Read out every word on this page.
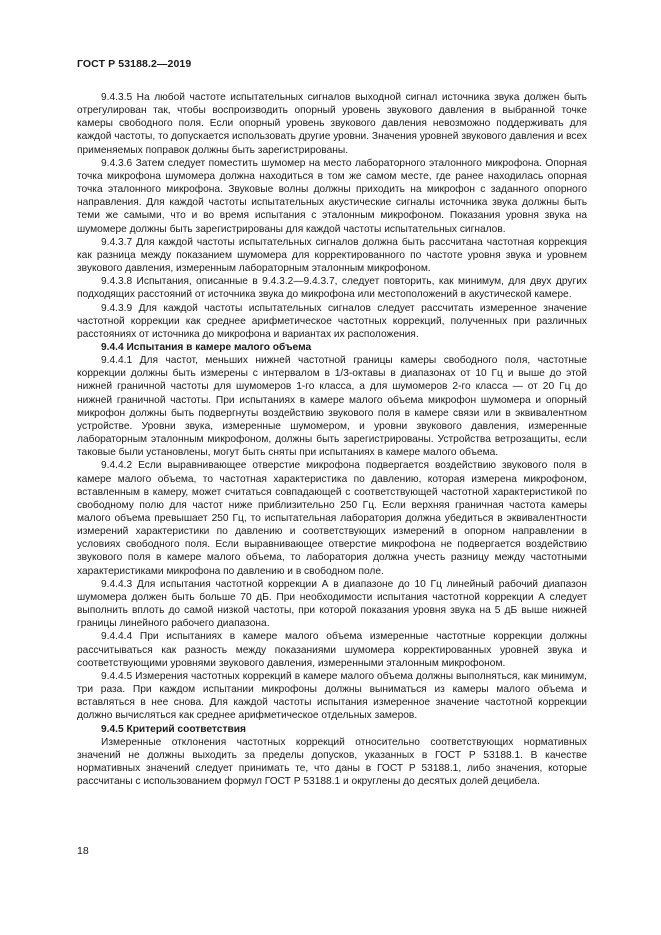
ГОСТ Р 53188.2—2019

9.4.3.5 На любой частоте испытательных сигналов выходной сигнал источника звука должен быть отрегулирован так, чтобы воспроизводить опорный уровень звукового давления в выбранной точке камеры свободного поля. Если опорный уровень звукового давления невозможно поддерживать для каждой частоты, то допускается использовать другие уровни. Значения уровней звукового давления и всех применяемых поправок должны быть зарегистрированы.

9.4.3.6 Затем следует поместить шумомер на место лабораторного эталонного микрофона. Опорная точка микрофона шумомера должна находиться в том же самом месте, где ранее находилась опорная точка эталонного микрофона. Звуковые волны должны приходить на микрофон с заданного опорного направления. Для каждой частоты испытательных акустические сигналы источника звука должны быть теми же самыми, что и во время испытания с эталонным микрофоном. Показания уровня звука на шумомере должны быть зарегистрированы для каждой частоты испытательных сигналов.

9.4.3.7 Для каждой частоты испытательных сигналов должна быть рассчитана частотная коррекция как разница между показанием шумомера для корректированного по частоте уровня звука и уровнем звукового давления, измеренным лабораторным эталонным микрофоном.

9.4.3.8 Испытания, описанные в 9.4.3.2—9.4.3.7, следует повторить, как минимум, для двух других подходящих расстояний от источника звука до микрофона или местоположений в акустической камере.

9.4.3.9 Для каждой частоты испытательных сигналов следует рассчитать измеренное значение частотной коррекции как среднее арифметическое частотных коррекций, полученных при различных расстояниях от источника до микрофона и вариантах их расположения.

9.4.4 Испытания в камере малого объема

9.4.4.1 Для частот, меньших нижней частотной границы камеры свободного поля, частотные коррекции должны быть измерены с интервалом в 1/3-октавы в диапазонах от 10 Гц и выше до этой нижней граничной частоты для шумомеров 1-го класса, а для шумомеров 2-го класса — от 20 Гц до нижней граничной частоты. При испытаниях в камере малого объема микрофон шумомера и опорный микрофон должны быть подвергнуты воздействию звукового поля в камере связи или в эквивалентном устройстве. Уровни звука, измеренные шумомером, и уровни звукового давления, измеренные лабораторным эталонным микрофоном, должны быть зарегистрированы. Устройства ветрозащиты, если таковые были установлены, могут быть сняты при испытаниях в камере малого объема.

9.4.4.2 Если выравнивающее отверстие микрофона подвергается воздействию звукового поля в камере малого объема, то частотная характеристика по давлению, которая измерена микрофоном, вставленным в камеру, может считаться совпадающей с соответствующей частотной характеристикой по свободному полю для частот ниже приблизительно 250 Гц. Если верхняя граничная частота камеры малого объема превышает 250 Гц, то испытательная лаборатория должна убедиться в эквивалентности измерений характеристики по давлению и соответствующих измерений в опорном направлении в условиях свободного поля. Если выравнивающее отверстие микрофона не подвергается воздействию звукового поля в камере малого объема, то лаборатория должна учесть разницу между частотными характеристиками микрофона по давлению и в свободном поле.

9.4.4.3 Для испытания частотной коррекции А в диапазоне до 10 Гц линейный рабочий диапазон шумомера должен быть больше 70 дБ. При необходимости испытания частотной коррекции А следует выполнить вплоть до самой низкой частоты, при которой показания уровня звука на 5 дБ выше нижней границы линейного рабочего диапазона.

9.4.4.4 При испытаниях в камере малого объема измеренные частотные коррекции должны рассчитываться как разность между показаниями шумомера корректированных уровней звука и соответствующими уровнями звукового давления, измеренными эталонным микрофоном.

9.4.4.5 Измерения частотных коррекций в камере малого объема должны выполняться, как минимум, три раза. При каждом испытании микрофоны должны выниматься из камеры малого объема и вставляться в нее снова. Для каждой частоты испытания измеренное значение частотной коррекции должно вычисляться как среднее арифметическое отдельных замеров.

9.4.5 Критерий соответствия

Измеренные отклонения частотных коррекций относительно соответствующих нормативных значений не должны выходить за пределы допусков, указанных в ГОСТ Р 53188.1. В качестве нормативных значений следует принимать те, что даны в ГОСТ Р 53188.1, либо значения, которые рассчитаны с использованием формул ГОСТ Р 53188.1 и округлены до десятых долей децибела.

18
